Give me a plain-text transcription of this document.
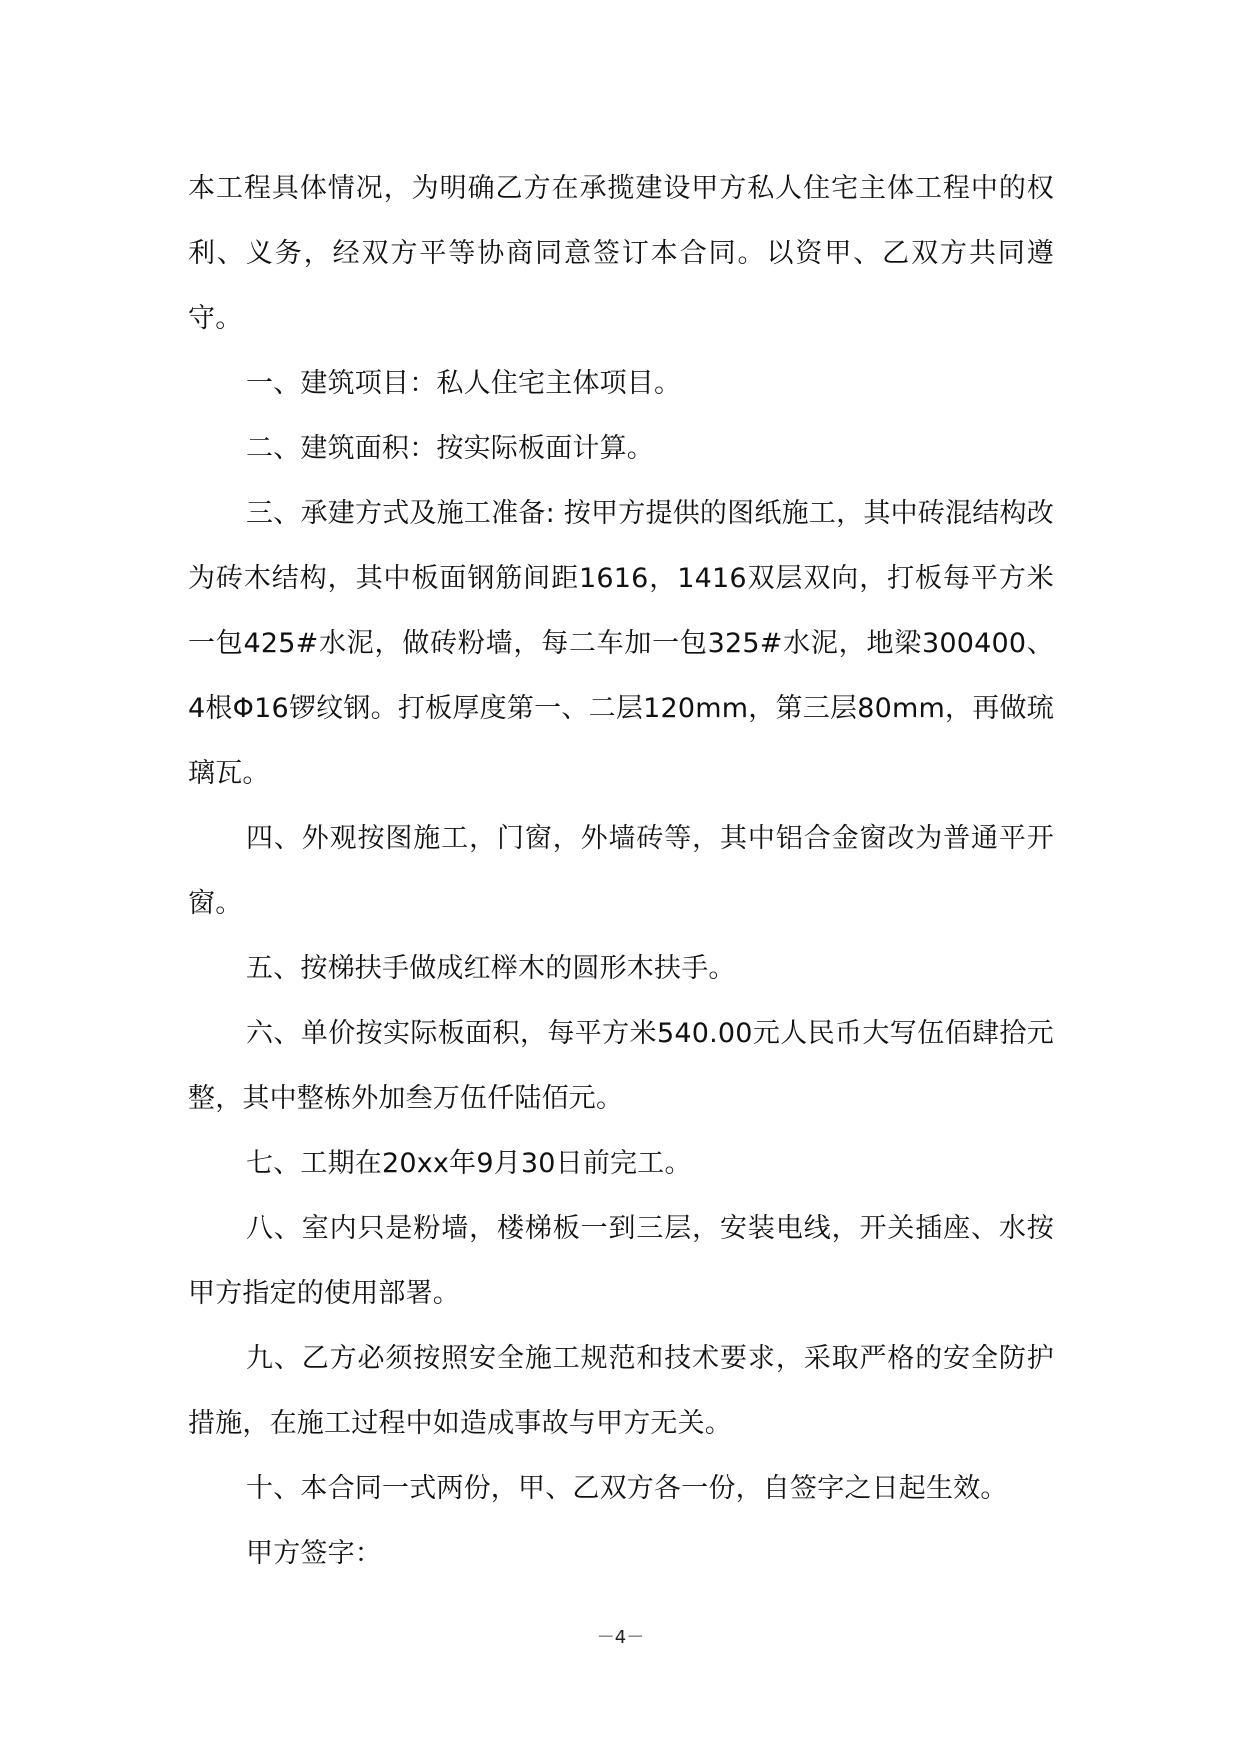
本工程具体情况，为明确乙方在承揽建设甲方私人住宅主体工程中的权利、义务，经双方平等协商同意签订本合同。以资甲、乙双方共同遵守。

一、建筑项目：私人住宅主体项目。

二、建筑面积：按实际板面计算。

三、承建方式及施工准备: 按甲方提供的图纸施工，其中砖混结构改为砖木结构，其中板面钢筋间距1616，1416双层双向，打板每平方米一包425#水泥，做砖粉墙，每二车加一包325#水泥，地梁300400、4根Φ16锣纹钢。打板厚度第一、二层120mm，第三层80mm，再做琉璃瓦。

四、外观按图施工，门窗，外墙砖等，其中铝合金窗改为普通平开窗。

五、按梯扶手做成红榉木的圆形木扶手。

六、单价按实际板面积，每平方米540.00元人民币大写伍佰肆拾元整，其中整栋外加叁万伍仟陆佰元。

七、工期在20xx年9月30日前完工。

八、室内只是粉墙，楼梯板一到三层，安装电线，开关插座、水按甲方指定的使用部署。

九、乙方必须按照安全施工规范和技术要求，采取严格的安全防护措施，在施工过程中如造成事故与甲方无关。

十、本合同一式两份，甲、乙双方各一份，自签字之日起生效。

甲方签字：

－4－
